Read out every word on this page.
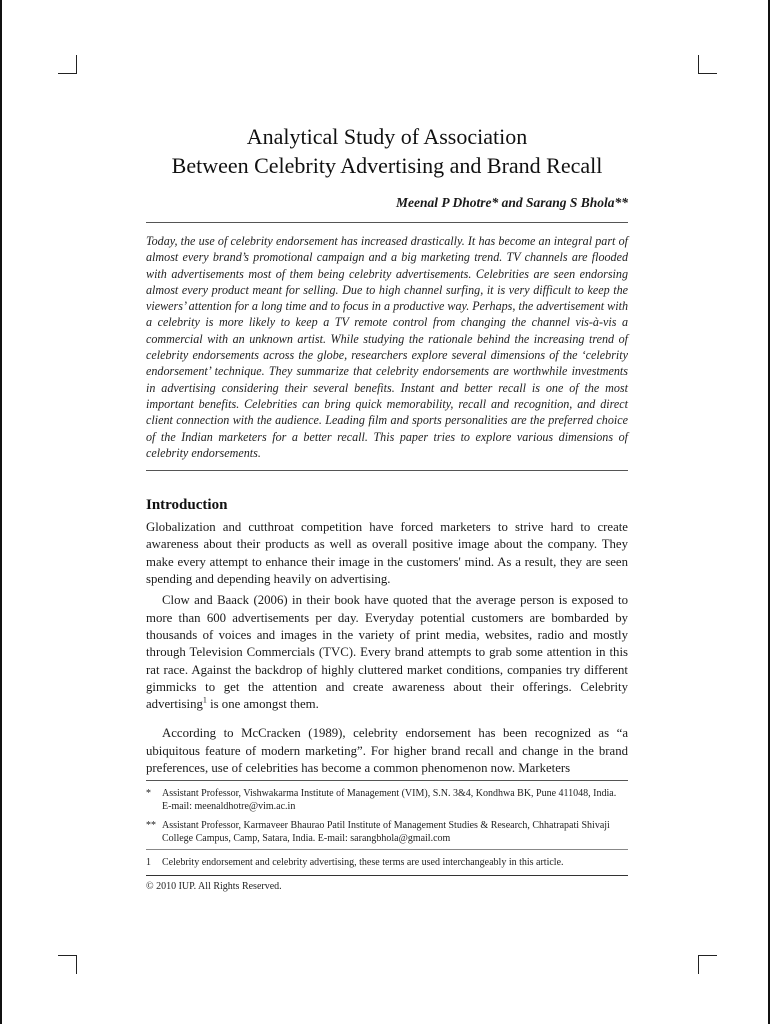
Analytical Study of Association
Between Celebrity Advertising and Brand Recall
Meenal P Dhotre* and Sarang S Bhola**

Today, the use of celebrity endorsement has increased drastically. It has become an integral part of almost every brand’s promotional campaign and a big marketing trend. TV channels are flooded with advertisements most of them being celebrity advertisements. Celebrities are seen endorsing almost every product meant for selling. Due to high channel surfing, it is very difficult to keep the viewers’ attention for a long time and to focus in a productive way. Perhaps, the advertisement with a celebrity is more likely to keep a TV remote control from changing the channel vis-à-vis a commercial with an unknown artist. While studying the rationale behind the increasing trend of celebrity endorsements across the globe, researchers explore several dimensions of the ‘celebrity endorsement’ technique. They summarize that celebrity endorsements are worthwhile investments in advertising considering their several benefits. Instant and better recall is one of the most important benefits. Celebrities can bring quick memorability, recall and recognition, and direct client connection with the audience. Leading film and sports personalities are the preferred choice of the Indian marketers for a better recall. This paper tries to explore various dimensions of celebrity endorsements.

Introduction

Globalization and cutthroat competition have forced marketers to strive hard to create awareness about their products as well as overall positive image about the company. They make every attempt to enhance their image in the customers' mind. As a result, they are seen spending and depending heavily on advertising.

Clow and Baack (2006) in their book have quoted that the average person is exposed to more than 600 advertisements per day. Everyday potential customers are bombarded by thousands of voices and images in the variety of print media, websites, radio and mostly through Television Commercials (TVC). Every brand attempts to grab some attention in this rat race. Against the backdrop of highly cluttered market conditions, companies try different gimmicks to get the attention and create awareness about their offerings. Celebrity advertising$^1$ is one amongst them.

According to McCracken (1989), celebrity endorsement has been recognized as “a ubiquitous feature of modern marketing”. For higher brand recall and change in the brand preferences, use of celebrities has become a common phenomenon now. Marketers

*	Assistant Professor, Vishwakarma Institute of Management (VIM), S.N. 3&4, Kondhwa BK, Pune 411048, India. E-mail: meenaldhotre@vim.ac.in
** Assistant Professor, Karmaveer Bhaurao Patil Institute of Management Studies & Research, Chhatrapati Shivaji College Campus, Camp, Satara, India. E-mail: sarangbhola@gmail.com
1	Celebrity endorsement and celebrity advertising, these terms are used interchangeably in this article.
© 2010 IUP. All Rights Reserved.
